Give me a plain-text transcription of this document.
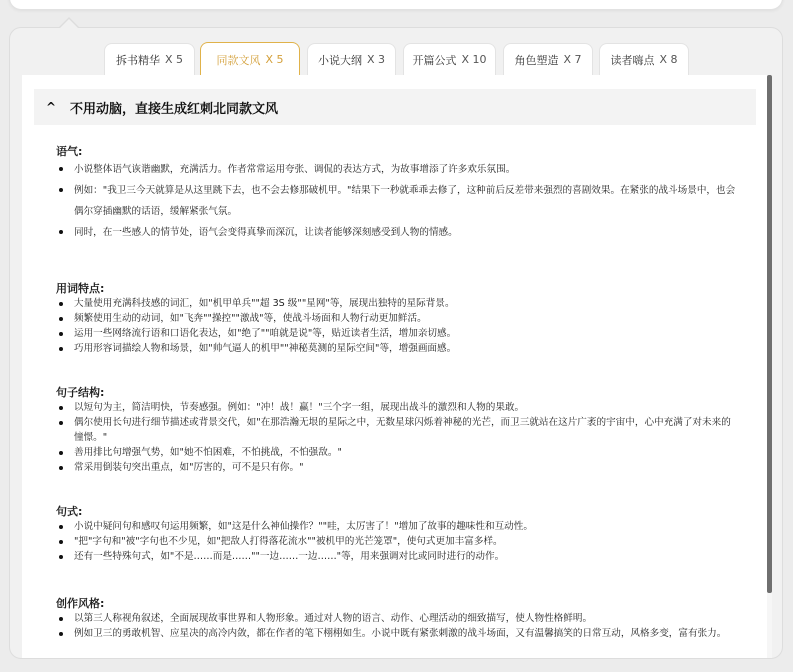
拆书精华 X 5	同款文风 X 5	小说大纲 X 3 开篇公式 X 10	角色塑造 X 7	读者嗨点 X 8
^	不用动脑，直接生成红刺北同款文风

语气:

小说整体语气诙谐幽默，充满活力。作者常常运用夸张、调侃的表达方式，为故事增添了许多欢乐氛围。
例如："我卫三今天就算是从这里跳下去，也不会去修那破机甲。"结果下一秒就乖乖去修了，这种前后反差带来强烈的喜剧效果。在紧张的战斗场景中，也会偶尔穿插幽默的话语，缓解紧张气氛。
同时，在一些感人的情节处，语气会变得真挚而深沉，让读者能够深刻感受到人物的情感。

用词特点:

大量使用充满科技感的词汇，如"机甲单兵""超 3S 级""星网"等，展现出独特的星际背景。
频繁使用生动的动词，如"飞奔""操控""激战"等，使战斗场面和人物行动更加鲜活。
运用一些网络流行语和口语化表达，如"绝了""咱就是说"等，贴近读者生活，增加亲切感。
巧用形容词描绘人物和场景，如"帅气逼人的机甲""神秘莫测的星际空间"等，增强画面感。

句子结构:

以短句为主，简洁明快，节奏感强。例如："冲！战！赢！"三个字一组，展现出战斗的激烈和人物的果敢。
偶尔使用长句进行细节描述或背景交代，如"在那浩瀚无垠的星际之中，无数星球闪烁着神秘的光芒，而卫三就站在这片广袤的宇宙中，心中充满了对未来的憧憬。"
善用排比句增强气势，如"她不怕困难，不怕挑战，不怕强敌。"
常采用倒装句突出重点，如"厉害的，可不是只有你。"

句式:

小说中疑问句和感叹句运用频繁，如"这是什么神仙操作？""哇，太厉害了！"增加了故事的趣味性和互动性。
"把"字句和"被"字句也不少见，如"把敌人打得落花流水""被机甲的光芒笼罩"，使句式更加丰富多样。
还有一些特殊句式，如"不是……而是……""一边……一边……"等，用来强调对比或同时进行的动作。

创作风格:

以第三人称视角叙述，全面展现故事世界和人物形象。通过对人物的语言、动作、心理活动的细致描写，使人物性格鲜明。
例如卫三的勇敢机智、应星决的高冷内敛，都在作者的笔下栩栩如生。小说中既有紧张刺激的战斗场面，又有温馨搞笑的日常互动，风格多变，富有张力。
